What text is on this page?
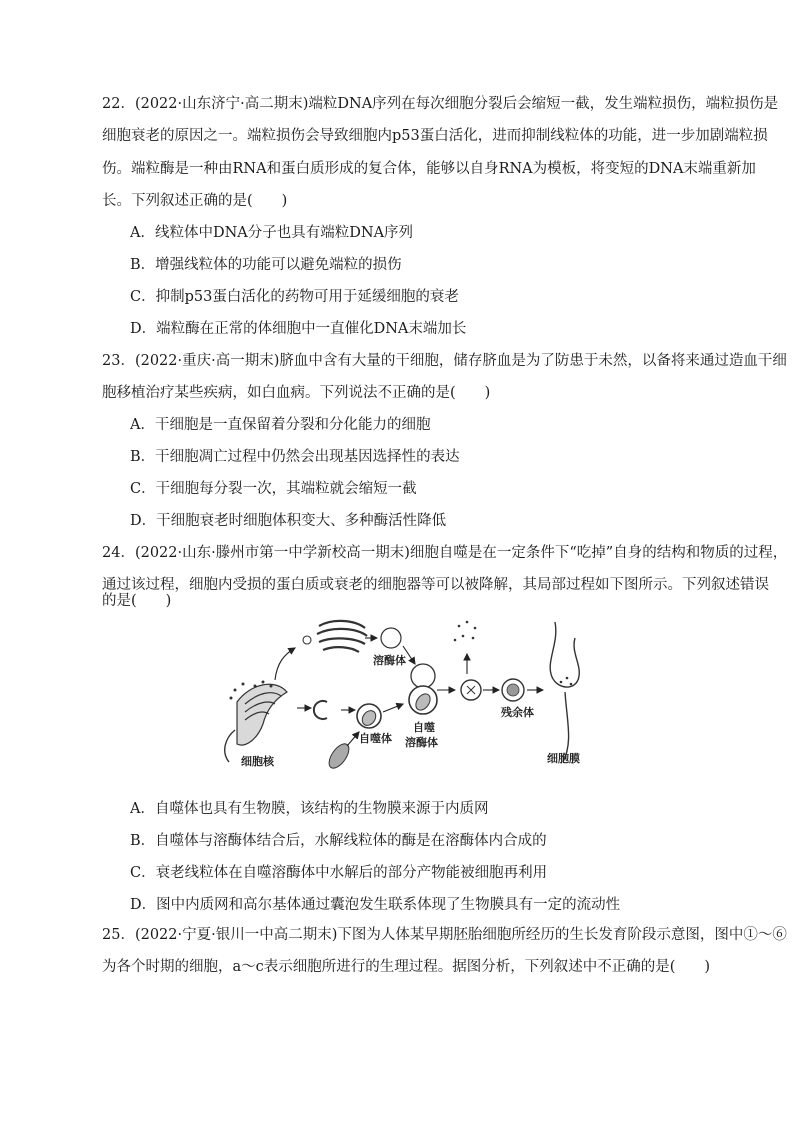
22．(2022·山东济宁·高二期末)端粒DNA序列在每次细胞分裂后会缩短一截，发生端粒损伤，端粒损伤是
细胞衰老的原因之一。端粒损伤会导致细胞内p53蛋白活化，进而抑制线粒体的功能，进一步加剧端粒损
伤。端粒酶是一种由RNA和蛋白质形成的复合体，能够以自身RNA为模板，将变短的DNA末端重新加
长。下列叙述正确的是(　　)
A．线粒体中DNA分子也具有端粒DNA序列
B．增强线粒体的功能可以避免端粒的损伤
C．抑制p53蛋白活化的药物可用于延缓细胞的衰老
D．端粒酶在正常的体细胞中一直催化DNA末端加长
23．(2022·重庆·高一期末)脐血中含有大量的干细胞，储存脐血是为了防患于未然，以备将来通过造血干细
胞移植治疗某些疾病，如白血病。下列说法不正确的是(　　)
A．干细胞是一直保留着分裂和分化能力的细胞
B．干细胞凋亡过程中仍然会出现基因选择性的表达
C．干细胞每分裂一次，其端粒就会缩短一截
D．干细胞衰老时细胞体积变大、多种酶活性降低
24．(2022·山东·滕州市第一中学新校高一期末)细胞自噬是在一定条件下“吃掉”自身的结构和物质的过程，
通过该过程，细胞内受损的蛋白质或衰老的细胞器等可以被降解，其局部过程如下图所示。下列叙述错误
的是(　　)
细胞核
溶酶体
自噬体
自噬
溶酶体
残余体
细胞膜
A．自噬体也具有生物膜，该结构的生物膜来源于内质网
B．自噬体与溶酶体结合后，水解线粒体的酶是在溶酶体内合成的
C．衰老线粒体在自噬溶酶体中水解后的部分产物能被细胞再利用
D．图中内质网和高尔基体通过囊泡发生联系体现了生物膜具有一定的流动性
25．(2022·宁夏·银川一中高二期末)下图为人体某早期胚胎细胞所经历的生长发育阶段示意图，图中①～⑥
为各个时期的细胞，a～c表示细胞所进行的生理过程。据图分析，下列叙述中不正确的是(　　)
